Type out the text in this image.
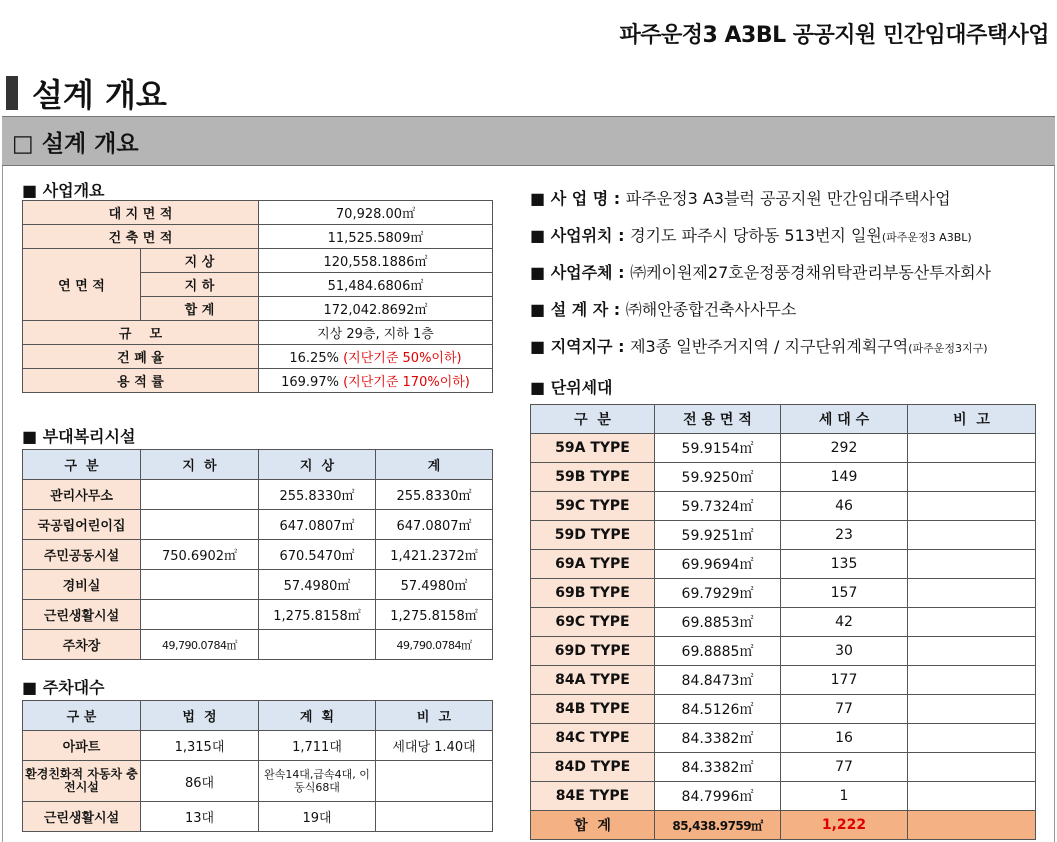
파주운정3 A3BL 공공지원 민간임대주택사업
설계 개요
□ 설계 개요
■ 사업개요
대 지 면 적		70,928.00㎡
건 축 면 적		11,525.5809㎡
연 면 적	지 상	120,558.1886㎡
	지 하	51,484.6806㎡
	합 계	172,042.8692㎡
규    모		지상 29층, 지하 1층
건 폐 율		16.25% (지단기준 50%이하)
용 적 률		169.97% (지단기준 170%이하)
■ 부대복리시설
구  분	지  하	지  상	계
관리사무소		255.8330㎡	255.8330㎡
국공립어린이집		647.0807㎡	647.0807㎡
주민공동시설	750.6902㎡	670.5470㎡	1,421.2372㎡
경비실		57.4980㎡	57.4980㎡
근린생활시설		1,275.8158㎡	1,275.8158㎡
주차장	49,790.0784㎡		49,790.0784㎡
■ 주차대수
구 분	법  정	계  획	비  고
아파트	1,315대	1,711대	세대당 1.40대
환경친화적 자동차 충전시설	86대	완속14대,급속4대, 이동식68대	
근린생활시설	13대	19대	
■ 사 업 명 : 파주운정3 A3블럭 공공지원 만간임대주택사업
■ 사업위치 : 경기도 파주시 당하동 513번지 일원(파주운정3 A3BL)
■ 사업주체 : ㈜케이원제27호운정풍경채위탁관리부동산투자회사
■ 설 계 자 : ㈜해안종합건축사사무소
■ 지역지구 : 제3종 일반주거지역 / 지구단위계획구역(파주운정3지구)
■ 단위세대
구  분	전 용 면 적	세 대 수	비  고
59A TYPE	59.9154㎡	292	
59B TYPE	59.9250㎡	149	
59C TYPE	59.7324㎡	46	
59D TYPE	59.9251㎡	23	
69A TYPE	69.9694㎡	135	
69B TYPE	69.7929㎡	157	
69C TYPE	69.8853㎡	42	
69D TYPE	69.8885㎡	30	
84A TYPE	84.8473㎡	177	
84B TYPE	84.5126㎡	77	
84C TYPE	84.3382㎡	16	
84D TYPE	84.3382㎡	77	
84E TYPE	84.7996㎡	1	
합  계	85,438.9759㎡	1,222	
